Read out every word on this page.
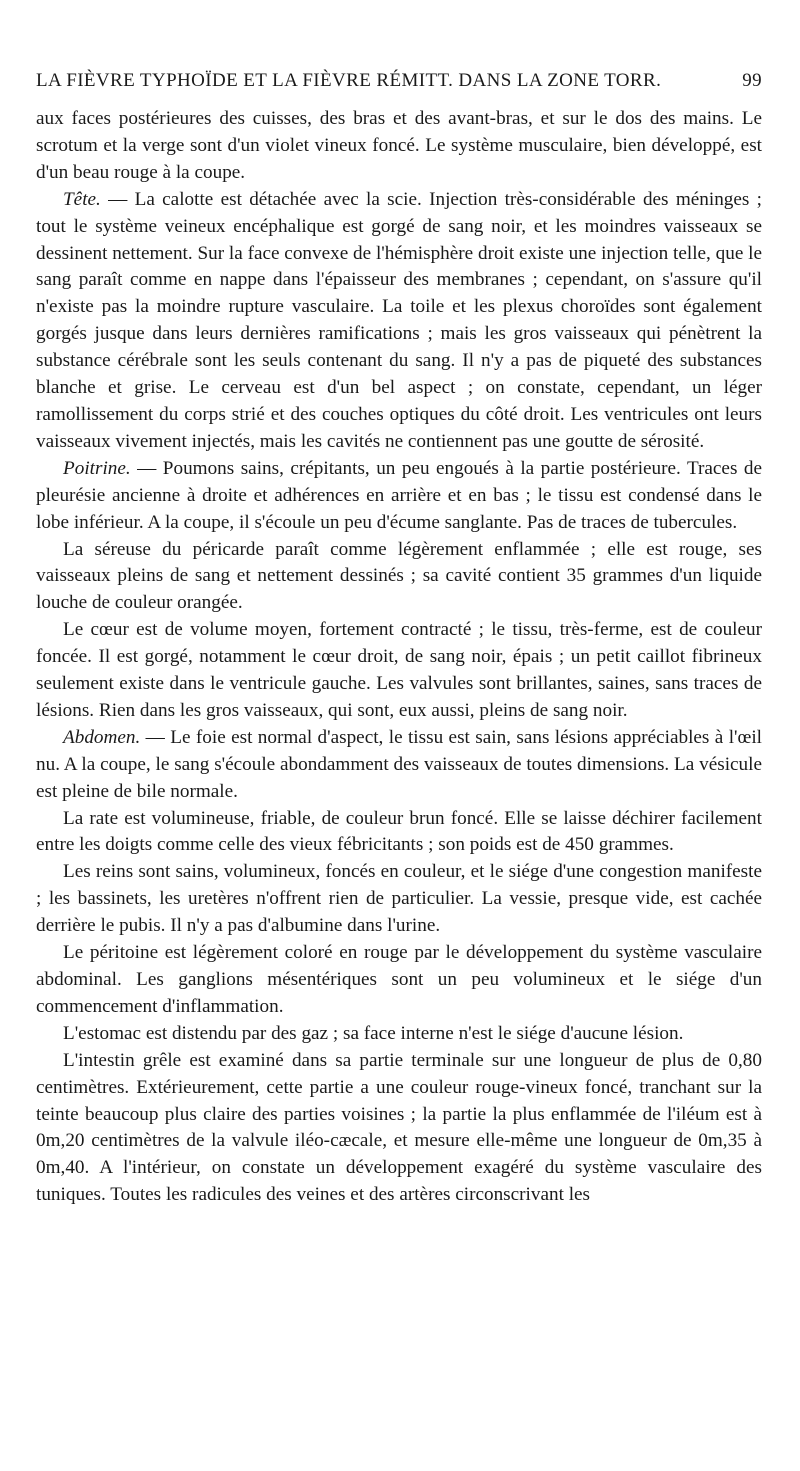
LA FIÈVRE TYPHOÏDE ET LA FIÈVRE RÉMITT. DANS LA ZONE TORR.	99

aux faces postérieures des cuisses, des bras et des avant-bras, et sur le dos des mains. Le scrotum et la verge sont d'un violet vineux foncé. Le système musculaire, bien développé, est d'un beau rouge à la coupe.

Tête. — La calotte est détachée avec la scie. Injection très-considérable des méninges ; tout le système veineux encéphalique est gorgé de sang noir, et les moindres vaisseaux se dessinent nettement. Sur la face convexe de l'hémisphère droit existe une injection telle, que le sang paraît comme en nappe dans l'épaisseur des membranes ; cependant, on s'assure qu'il n'existe pas la moindre rupture vasculaire. La toile et les plexus choroïdes sont également gorgés jusque dans leurs dernières ramifications ; mais les gros vaisseaux qui pénètrent la substance cérébrale sont les seuls contenant du sang. Il n'y a pas de piqueté des substances blanche et grise. Le cerveau est d'un bel aspect ; on constate, cependant, un léger ramollissement du corps strié et des couches optiques du côté droit. Les ventricules ont leurs vaisseaux vivement injectés, mais les cavités ne contiennent pas une goutte de sérosité.

Poitrine. — Poumons sains, crépitants, un peu engoués à la partie postérieure. Traces de pleurésie ancienne à droite et adhérences en arrière et en bas ; le tissu est condensé dans le lobe inférieur. A la coupe, il s'écoule un peu d'écume sanglante. Pas de traces de tubercules.

La séreuse du péricarde paraît comme légèrement enflammée ; elle est rouge, ses vaisseaux pleins de sang et nettement dessinés ; sa cavité contient 35 grammes d'un liquide louche de couleur orangée.

Le cœur est de volume moyen, fortement contracté ; le tissu, très-ferme, est de couleur foncée. Il est gorgé, notamment le cœur droit, de sang noir, épais ; un petit caillot fibrineux seulement existe dans le ventricule gauche. Les valvules sont brillantes, saines, sans traces de lésions. Rien dans les gros vaisseaux, qui sont, eux aussi, pleins de sang noir.

Abdomen. — Le foie est normal d'aspect, le tissu est sain, sans lésions appréciables à l'œil nu. A la coupe, le sang s'écoule abondamment des vaisseaux de toutes dimensions. La vésicule est pleine de bile normale.

La rate est volumineuse, friable, de couleur brun foncé. Elle se laisse déchirer facilement entre les doigts comme celle des vieux fébricitants ; son poids est de 450 grammes.

Les reins sont sains, volumineux, foncés en couleur, et le siége d'une congestion manifeste ; les bassinets, les uretères n'offrent rien de particulier. La vessie, presque vide, est cachée derrière le pubis. Il n'y a pas d'albumine dans l'urine.

Le péritoine est légèrement coloré en rouge par le développement du système vasculaire abdominal. Les ganglions mésentériques sont un peu volumineux et le siége d'un commencement d'inflammation.

L'estomac est distendu par des gaz ; sa face interne n'est le siége d'aucune lésion.

L'intestin grêle est examiné dans sa partie terminale sur une longueur de plus de 0,80 centimètres. Extérieurement, cette partie a une couleur rouge-vineux foncé, tranchant sur la teinte beaucoup plus claire des parties voisines ; la partie la plus enflammée de l'iléum est à 0m,20 centimètres de la valvule iléo-cæcale, et mesure elle-même une longueur de 0m,35 à 0m,40. A l'intérieur, on constate un développement exagéré du système vasculaire des tuniques. Toutes les radicules des veines et des artères circonscrivant les
